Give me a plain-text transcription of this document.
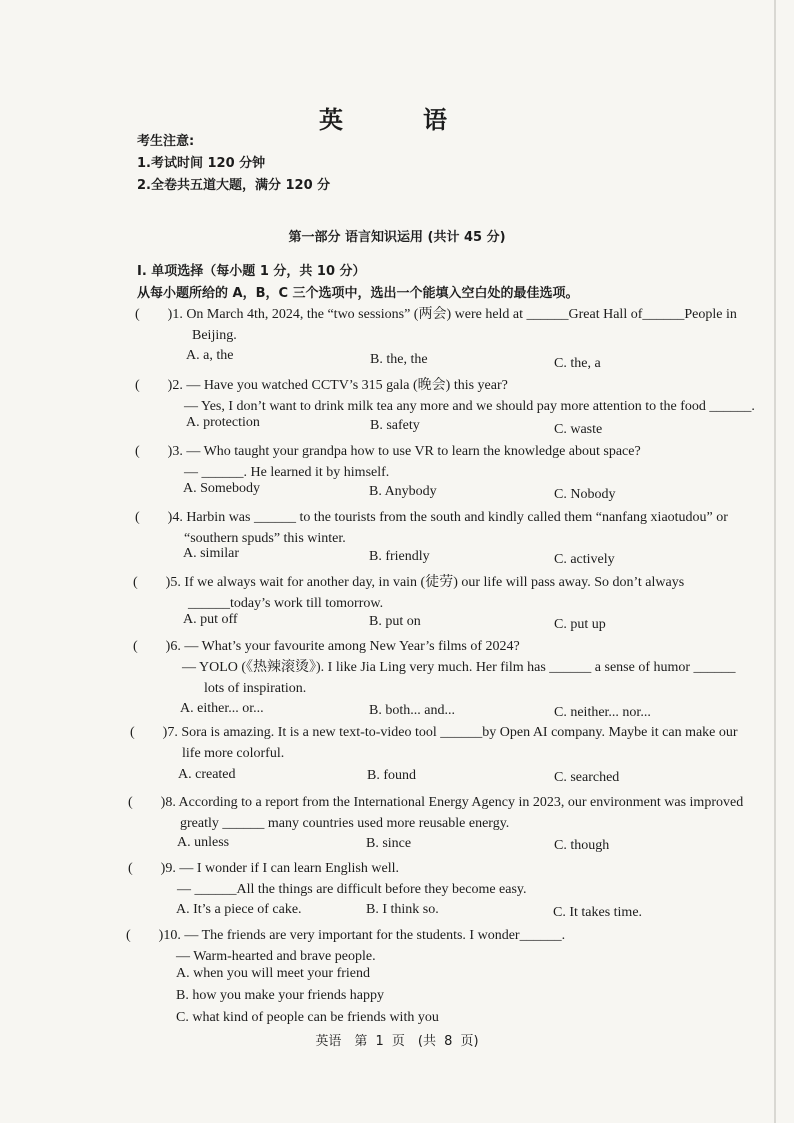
英　语
考生注意:
1.考试时间 120 分钟
2.全卷共五道大题，满分 120 分
第一部分 语言知识运用 (共计 45 分)
I. 单项选择（每小题 1 分，共 10 分）
从每小题所给的 A，B，C 三个选项中，选出一个能填入空白处的最佳选项。
(　　)1. On March 4th, 2024, the “two sessions” (两会) were held at ______Great Hall of______People in
Beijing.
A. a, the	B. the, the	C. the, a
(　　)2. — Have you watched CCTV’s 315 gala (晚会) this year?
— Yes, I don’t want to drink milk tea any more and we should pay more attention to the food ______.
A. protection	B. safety	C. waste
(　　)3. — Who taught your grandpa how to use VR to learn the knowledge about space?
— ______. He learned it by himself.
A. Somebody	B. Anybody	C. Nobody
(　　)4. Harbin was ______ to the tourists from the south and kindly called them “nanfang xiaotudou” or
“southern spuds” this winter.
A. similar	B. friendly	C. actively
(　　)5. If we always wait for another day, in vain (徒劳) our life will pass away. So don’t always
______today’s work till tomorrow.
A. put off	B. put on	C. put up
(　　)6. — What’s your favourite among New Year’s films of 2024?
— YOLO (《热辣滚烫》). I like Jia Ling very much. Her film has ______ a sense of humor ______
lots of inspiration.
A. either... or...	B. both... and...	C. neither... nor...
(　　)7. Sora is amazing. It is a new text-to-video tool ______by Open AI company. Maybe it can make our
life more colorful.
A. created	B. found	C. searched
(　　)8. According to a report from the International Energy Agency in 2023, our environment was improved
greatly ______ many countries used more reusable energy.
A. unless	B. since	C. though
(　　)9. — I wonder if I can learn English well.
— ______All the things are difficult before they become easy.
A. It’s a piece of cake.	B. I think so.	C. It takes time.
(　　)10. — The friends are very important for the students. I wonder______.
— Warm-hearted and brave people.
A. when you will meet your friend
B. how you make your friends happy
C. what kind of people can be friends with you
英语　第 1 页　(共 8 页)
